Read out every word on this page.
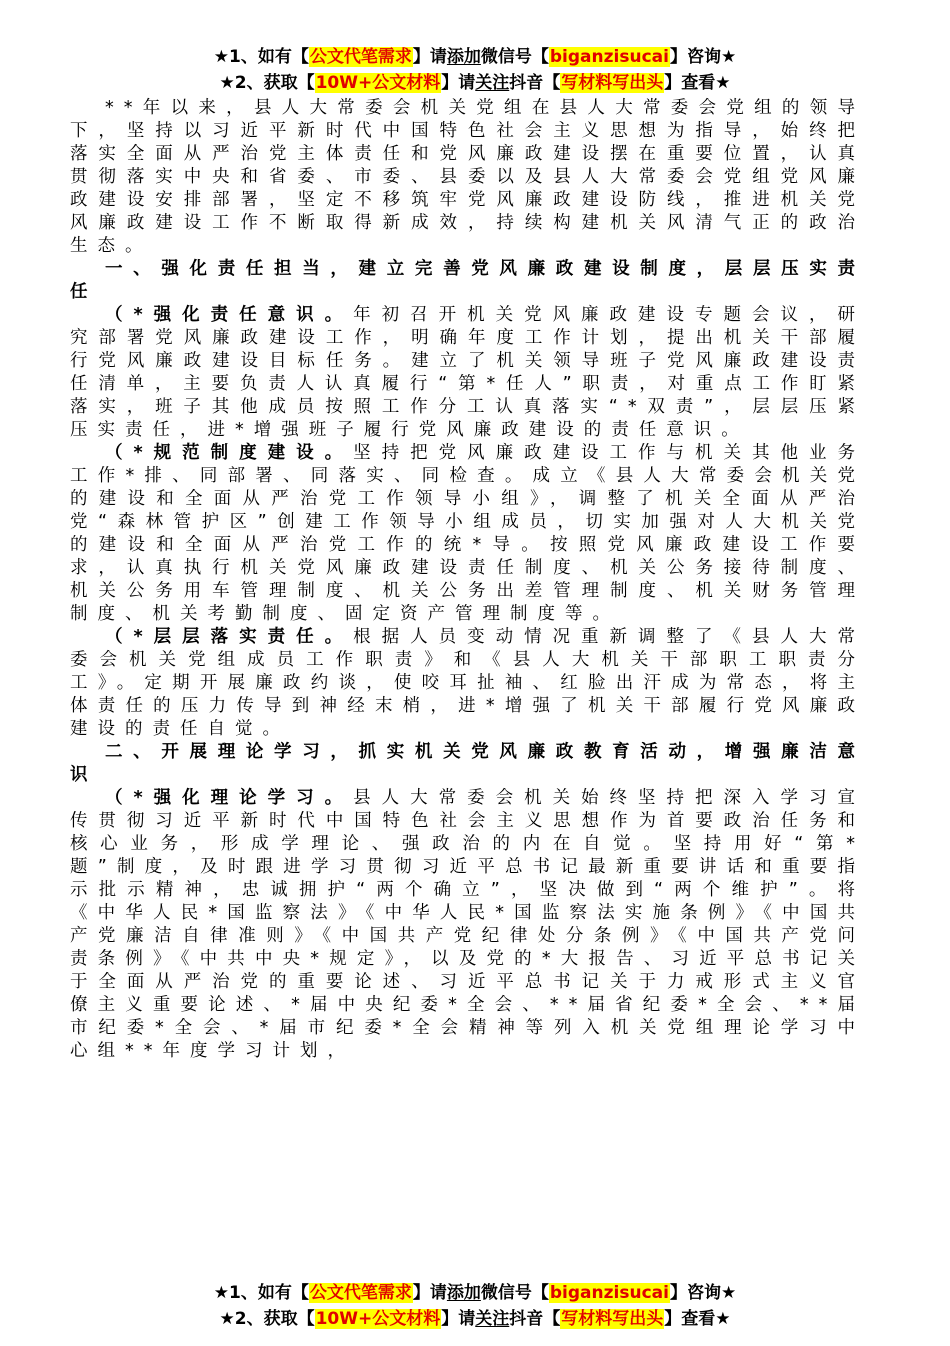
★1、如有【公文代笔需求】请添加微信号【biganzisucai】咨询★
★2、获取【10W+公文材料】请关注抖音【写材料写出头】查看★

**年以来，县人大常委会机关党组在县人大常委会党组的领导下，坚持以习近平新时代中国特色社会主义思想为指导，始终把落实全面从严治党主体责任和党风廉政建设摆在重要位置，认真贯彻落实中央和省委、市委、县委以及县人大常委会党组党风廉政建设安排部署，坚定不移筑牢党风廉政建设防线，推进机关党风廉政建设工作不断取得新成效，持续构建机关风清气正的政治生态。

一、强化责任担当，建立完善党风廉政建设制度，层层压实责任

（*强化责任意识。年初召开机关党风廉政建设专题会议，研究部署党风廉政建设工作，明确年度工作计划，提出机关干部履行党风廉政建设目标任务。建立了机关领导班子党风廉政建设责任清单，主要负责人认真履行“第*任人”职责，对重点工作盯紧落实，班子其他成员按照工作分工认真落实“*双责”，层层压紧压实责任，进*增强班子履行党风廉政建设的责任意识。

（*规范制度建设。坚持把党风廉政建设工作与机关其他业务工作*排、同部署、同落实、同检查。成立《县人大常委会机关党的建设和全面从严治党工作领导小组》，调整了机关全面从严治党“森林管护区”创建工作领导小组成员，切实加强对人大机关党的建设和全面从严治党工作的统*导。按照党风廉政建设工作要求，认真执行机关党风廉政建设责任制度、机关公务接待制度、机关公务用车管理制度、机关公务出差管理制度、机关财务管理制度、机关考勤制度、固定资产管理制度等。

（*层层落实责任。根据人员变动情况重新调整了《县人大常委会机关党组成员工作职责》和《县人大机关干部职工职责分工》。定期开展廉政约谈，使咬耳扯袖、红脸出汗成为常态，将主体责任的压力传导到神经末梢，进*增强了机关干部履行党风廉政建设的责任自觉。

二、开展理论学习，抓实机关党风廉政教育活动，增强廉洁意识

（*强化理论学习。县人大常委会机关始终坚持把深入学习宣传贯彻习近平新时代中国特色社会主义思想作为首要政治任务和核心业务，形成学理论、强政治的内在自觉。坚持用好“第*题”制度，及时跟进学习贯彻习近平总书记最新重要讲话和重要指示批示精神，忠诚拥护“两个确立”，坚决做到“两个维护”。将《中华人民*国监察法》《中华人民*国监察法实施条例》《中国共产党廉洁自律准则》《中国共产党纪律处分条例》《中国共产党问责条例》《中共中央*规定》，以及党的*大报告、习近平总书记关于全面从严治党的重要论述、习近平总书记关于力戒形式主义官僚主义重要论述、*届中央纪委*全会、**届省纪委*全会、**届市纪委*全会、*届市纪委*全会精神等列入机关党组理论学习中心组**年度学习计划，

★1、如有【公文代笔需求】请添加微信号【biganzisucai】咨询★
★2、获取【10W+公文材料】请关注抖音【写材料写出头】查看★
